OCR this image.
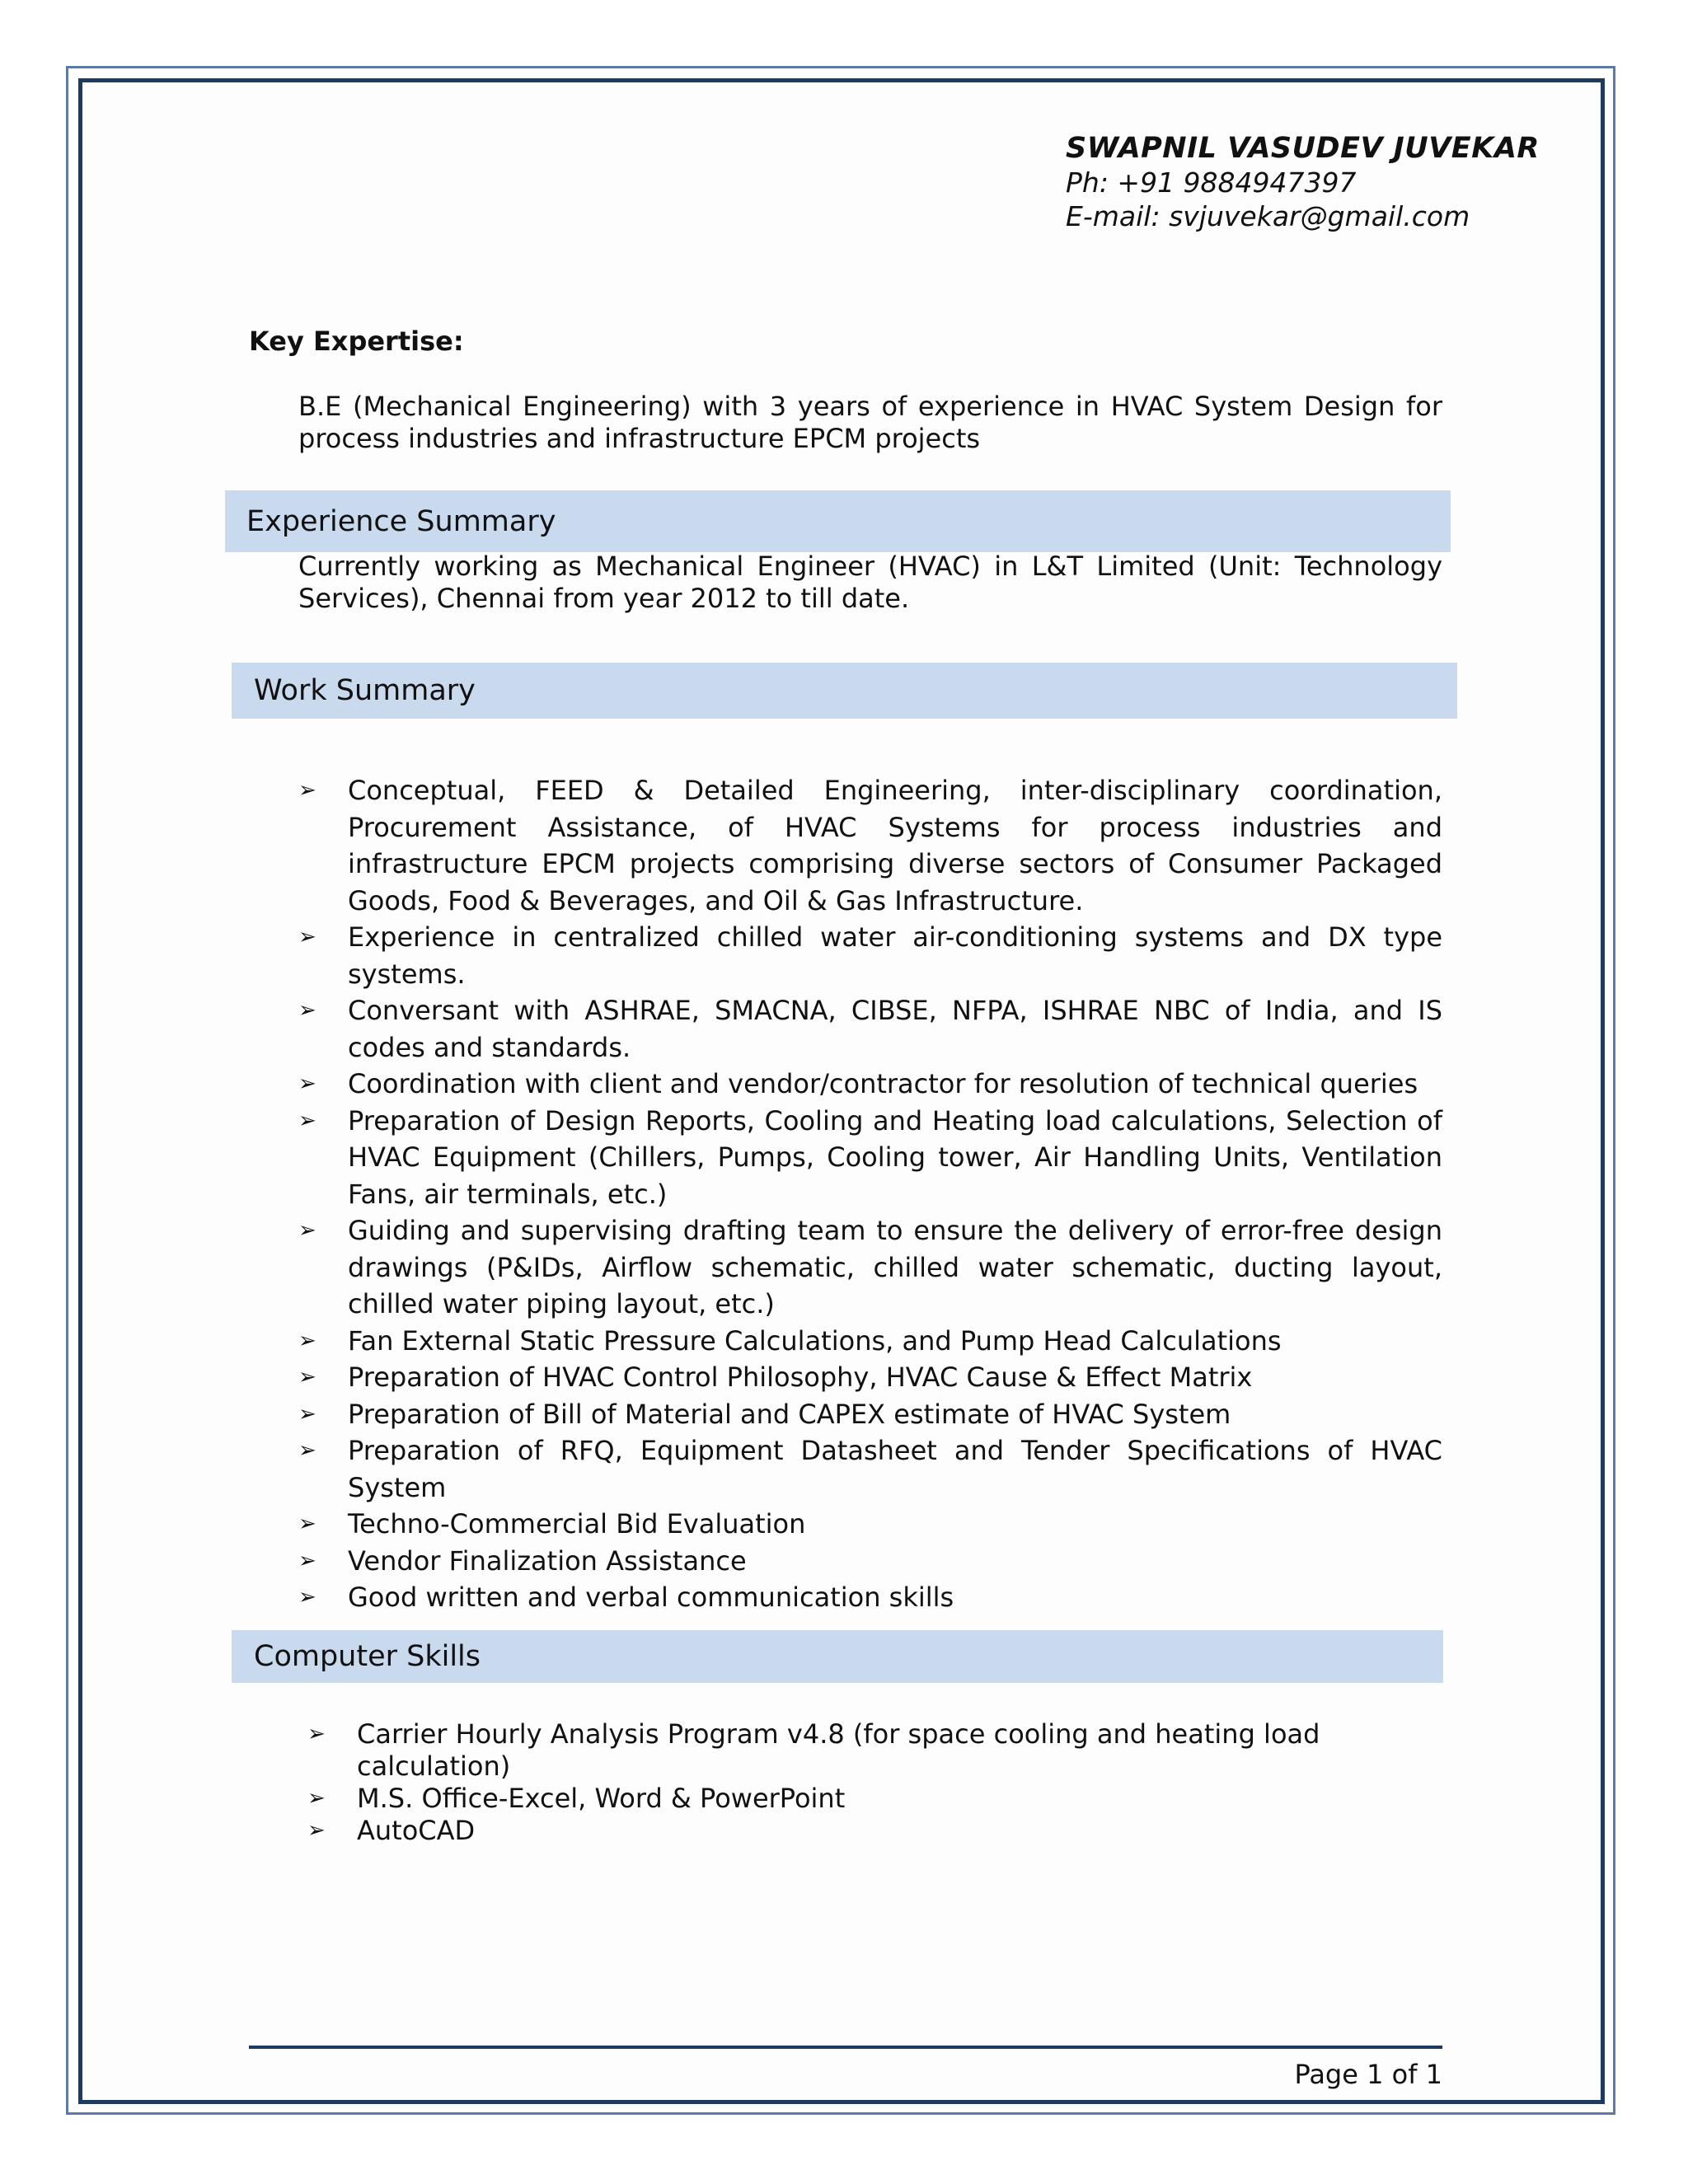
SWAPNIL VASUDEV JUVEKAR
Ph: +91 9884947397
E-mail: svjuvekar@gmail.com
Key Expertise:
B.E (Mechanical Engineering) with 3 years of experience in HVAC System Design for process industries and infrastructure EPCM projects
Experience Summary
Currently working as Mechanical Engineer (HVAC) in L&T Limited (Unit: Technology Services), Chennai from year 2012 to till date.
Work Summary
➢ Conceptual, FEED & Detailed Engineering, inter-disciplinary coordination, Procurement Assistance, of HVAC Systems for process industries and infrastructure EPCM projects comprising diverse sectors of Consumer Packaged Goods, Food & Beverages, and Oil & Gas Infrastructure.
➢ Experience in centralized chilled water air-conditioning systems and DX type systems.
➢ Conversant with ASHRAE, SMACNA, CIBSE, NFPA, ISHRAE NBC of India, and IS codes and standards.
➢ Coordination with client and vendor/contractor for resolution of technical queries
➢ Preparation of Design Reports, Cooling and Heating load calculations, Selection of HVAC Equipment (Chillers, Pumps, Cooling tower, Air Handling Units, Ventilation Fans, air terminals, etc.)
➢ Guiding and supervising drafting team to ensure the delivery of error-free design drawings (P&IDs, Airflow schematic, chilled water schematic, ducting layout, chilled water piping layout, etc.)
➢ Fan External Static Pressure Calculations, and Pump Head Calculations
➢ Preparation of HVAC Control Philosophy, HVAC Cause & Effect Matrix
➢ Preparation of Bill of Material and CAPEX estimate of HVAC System
➢ Preparation of RFQ, Equipment Datasheet and Tender Specifications of HVAC System
➢ Techno-Commercial Bid Evaluation
➢ Vendor Finalization Assistance
➢ Good written and verbal communication skills
Computer Skills
➢ Carrier Hourly Analysis Program v4.8 (for space cooling and heating load calculation)
➢ M.S. Office-Excel, Word & PowerPoint
➢ AutoCAD
Page 1 of 1
